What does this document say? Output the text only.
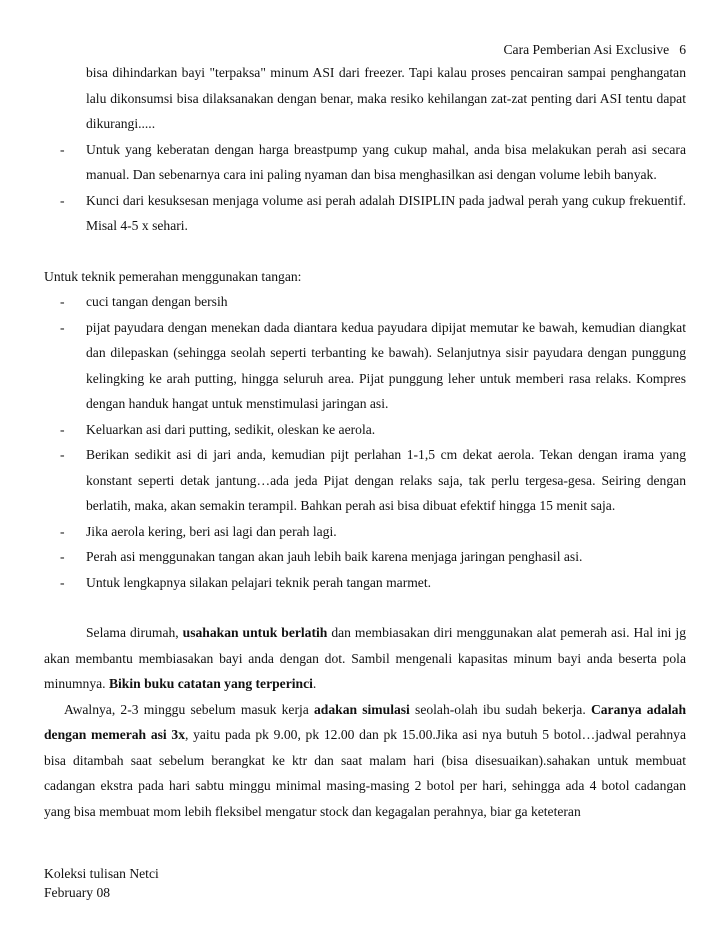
Cara Pemberian Asi Exclusive 6

bisa dihindarkan bayi "terpaksa" minum ASI dari freezer. Tapi kalau proses pencairan sampai penghangatan lalu dikonsumsi bisa dilaksanakan dengan benar, maka resiko kehilangan zat-zat penting dari ASI tentu dapat dikurangi.....

- Untuk yang keberatan dengan harga breastpump yang cukup mahal, anda bisa melakukan perah asi secara manual. Dan sebenarnya cara ini paling nyaman dan bisa menghasilkan asi dengan volume lebih banyak.
- Kunci dari kesuksesan menjaga volume asi perah adalah DISIPLIN pada jadwal perah yang cukup frekuentif. Misal 4-5 x sehari.

Untuk teknik pemerahan menggunakan tangan:

- cuci tangan dengan bersih
- pijat payudara dengan menekan dada diantara kedua payudara dipijat memutar ke bawah, kemudian diangkat dan dilepaskan (sehingga seolah seperti terbanting ke bawah). Selanjutnya sisir payudara dengan punggung kelingking ke arah putting, hingga seluruh area. Pijat punggung leher untuk memberi rasa relaks. Kompres dengan handuk hangat untuk menstimulasi jaringan asi.
- Keluarkan asi dari putting, sedikit, oleskan ke aerola.
- Berikan sedikit asi di jari anda, kemudian pijt perlahan 1-1,5 cm dekat aerola. Tekan dengan irama yang konstant seperti detak jantung…ada jeda Pijat dengan relaks saja, tak perlu tergesa-gesa. Seiring dengan berlatih, maka, akan semakin terampil. Bahkan perah asi bisa dibuat efektif hingga 15 menit saja.
- Jika aerola kering, beri asi lagi dan perah lagi.
- Perah asi menggunakan tangan akan jauh lebih baik karena menjaga jaringan penghasil asi.
- Untuk lengkapnya silakan pelajari teknik perah tangan marmet.

Selama dirumah, usahakan untuk berlatih dan membiasakan diri menggunakan alat pemerah asi. Hal ini jg akan membantu membiasakan bayi anda dengan dot. Sambil mengenali kapasitas minum bayi anda beserta pola minumnya. Bikin buku catatan yang terperinci.

Awalnya, 2-3 minggu sebelum masuk kerja adakan simulasi seolah-olah ibu sudah bekerja. Caranya adalah dengan memerah asi 3x, yaitu pada pk 9.00, pk 12.00 dan pk 15.00.Jika asi nya butuh 5 botol…jadwal perahnya bisa ditambah saat sebelum berangkat ke ktr dan saat malam hari (bisa disesuaikan).sahakan untuk membuat cadangan ekstra pada hari sabtu minggu minimal masing-masing 2 botol per hari, sehingga ada 4 botol cadangan yang bisa membuat mom lebih fleksibel mengatur stock dan kegagalan perahnya, biar ga keteteran

Koleksi tulisan Netci
February 08
